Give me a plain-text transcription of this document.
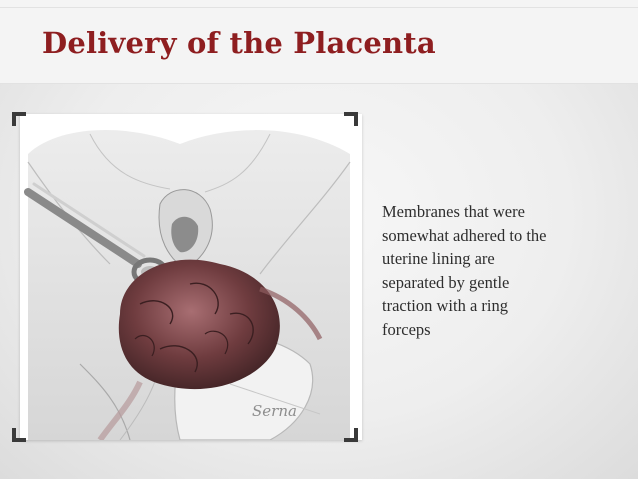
Delivery of the Placenta
Serna
Membranes that were
somewhat adhered to the
uterine lining are
separated by gentle
traction with a ring
forceps
